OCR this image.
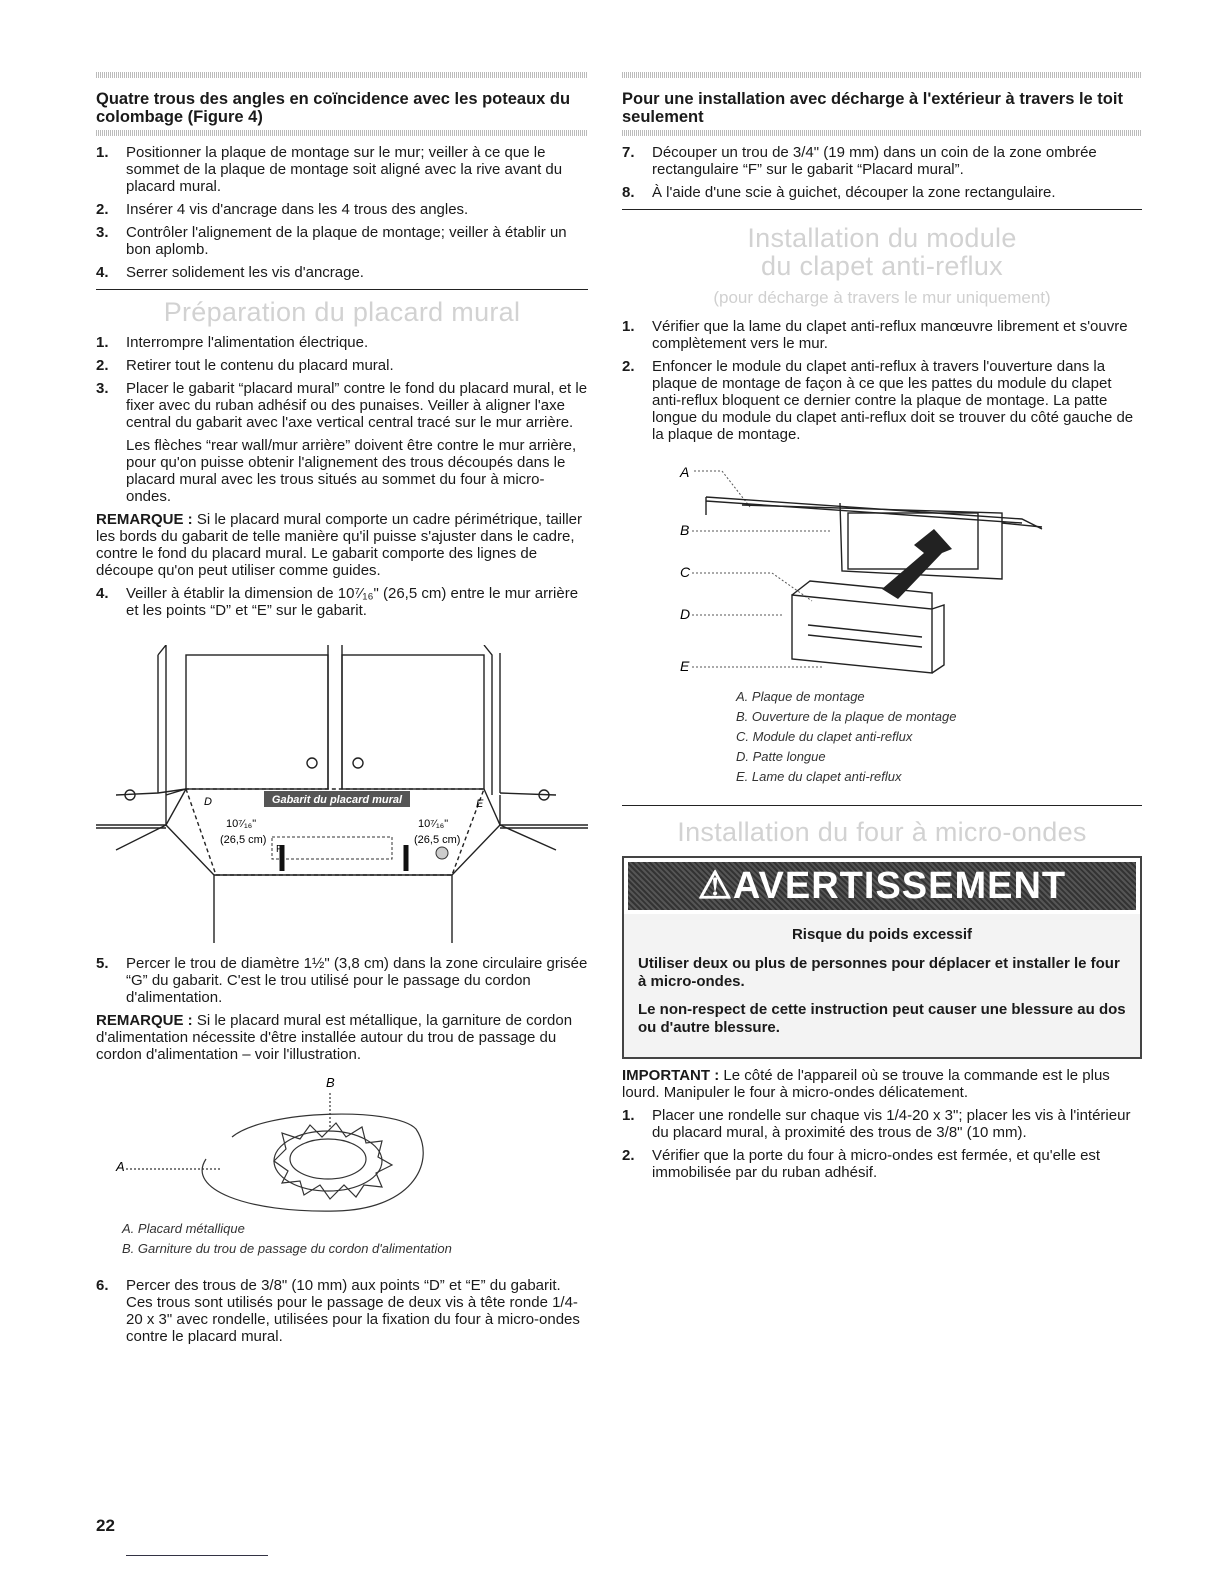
Quatre trous des angles en coïncidence avec les poteaux du colombage (Figure 4)
1.	Positionner la plaque de montage sur le mur; veiller à ce que le sommet de la plaque de montage soit aligné avec la rive avant du placard mural.
2.	Insérer 4 vis d'ancrage dans les 4 trous des angles.
3.	Contrôler l'alignement de la plaque de montage; veiller à établir un bon aplomb.
4.	Serrer solidement les vis d'ancrage.
Préparation du placard mural
1.	Interrompre l'alimentation électrique.
2.	Retirer tout le contenu du placard mural.
3.	Placer le gabarit “placard mural” contre le fond du placard mural, et le fixer avec du ruban adhésif ou des punaises. Veiller à aligner l'axe central du gabarit avec l'axe vertical central tracé sur le mur arrière.

Les flèches “rear wall/mur arrière” doivent être contre le mur arrière, pour qu'on puisse obtenir l'alignement des trous découpés dans le placard mural avec les trous situés au sommet du four à micro-ondes.

REMARQUE : Si le placard mural comporte un cadre périmétrique, tailler les bords du gabarit de telle manière qu'il puisse s'ajuster dans le cadre, contre le fond du placard mural. Le gabarit comporte des lignes de découpe qu'on peut utiliser comme guides.

4.	Veiller à établir la dimension de 10⁷⁄₁₆" (26,5 cm) entre le mur arrière et les points “D” et “E” sur le gabarit.
Gabarit du placard mural
D	E
10⁷⁄₁₆"
(26,5 cm)
10⁷⁄₁₆"
(26,5 cm)
F
5.	Percer le trou de diamètre 1½" (3,8 cm) dans la zone circulaire grisée “G” du gabarit. C'est le trou utilisé pour le passage du cordon d'alimentation.

REMARQUE : Si le placard mural est métallique, la garniture de cordon d'alimentation nécessite d'être installée autour du trou de passage du cordon d'alimentation – voir l'illustration.

B
A
A. Placard métallique
B. Garniture du trou de passage du cordon d'alimentation
6.	Percer des trous de 3/8" (10 mm) aux points “D” et “E” du gabarit. Ces trous sont utilisés pour le passage de deux vis à tête ronde 1/4-20 x 3" avec rondelle, utilisées pour la fixation du four à micro-ondes contre le placard mural.
Pour une installation avec décharge à l'extérieur à travers le toit seulement
7.	Découper un trou de 3/4" (19 mm) dans un coin de la zone ombrée rectangulaire “F” sur le gabarit “Placard mural”.
8.	À l'aide d'une scie à guichet, découper la zone rectangulaire.
Installation du module
du clapet anti-reflux
(pour décharge à travers le mur uniquement)
1.	Vérifier que la lame du clapet anti-reflux manœuvre librement et s'ouvre complètement vers le mur.
2.	Enfoncer le module du clapet anti-reflux à travers l'ouverture dans la plaque de montage de façon à ce que les pattes du module du clapet anti-reflux bloquent ce dernier contre la plaque de montage. La patte longue du module du clapet anti-reflux doit se trouver du côté gauche de la plaque de montage.
A
B
C
D
E
A. Plaque de montage
B. Ouverture de la plaque de montage
C. Module du clapet anti-reflux
D. Patte longue
E. Lame du clapet anti-reflux
Installation du four à micro-ondes
⚠AVERTISSEMENT
Risque du poids excessif
Utiliser deux ou plus de personnes pour déplacer et installer le four à micro-ondes.
Le non-respect de cette instruction peut causer une blessure au dos ou d'autre blessure.

IMPORTANT : Le côté de l'appareil où se trouve la commande est le plus lourd. Manipuler le four à micro-ondes délicatement.

1.	Placer une rondelle sur chaque vis 1/4-20 x 3"; placer les vis à l'intérieur du placard mural, à proximité des trous de 3/8" (10 mm).
2.	Vérifier que la porte du four à micro-ondes est fermée, et qu'elle est immobilisée par du ruban adhésif.
22
